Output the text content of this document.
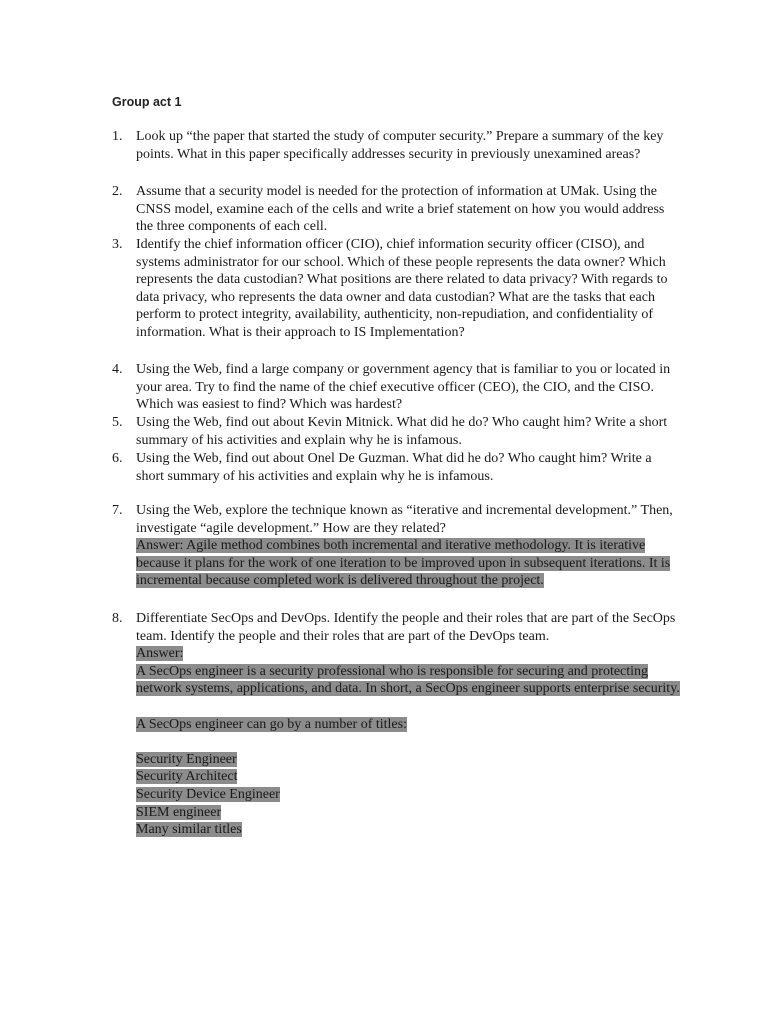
Group act 1
1. Look up “the paper that started the study of computer security.” Prepare a summary of the key points. What in this paper specifically addresses security in previously unexamined areas?
2. Assume that a security model is needed for the protection of information at UMak. Using the CNSS model, examine each of the cells and write a brief statement on how you would address the three components of each cell.
3. Identify the chief information officer (CIO), chief information security officer (CISO), and systems administrator for our school. Which of these people represents the data owner? Which represents the data custodian? What positions are there related to data privacy? With regards to data privacy, who represents the data owner and data custodian? What are the tasks that each perform to protect integrity, availability, authenticity, non-repudiation, and confidentiality of information. What is their approach to IS Implementation?
4. Using the Web, find a large company or government agency that is familiar to you or located in your area. Try to find the name of the chief executive officer (CEO), the CIO, and the CISO. Which was easiest to find? Which was hardest?
5. Using the Web, find out about Kevin Mitnick. What did he do? Who caught him? Write a short summary of his activities and explain why he is infamous.
6. Using the Web, find out about Onel De Guzman. What did he do? Who caught him? Write a short summary of his activities and explain why he is infamous.
7. Using the Web, explore the technique known as “iterative and incremental development.” Then, investigate “agile development.” How are they related?
Answer: Agile method combines both incremental and iterative methodology. It is iterative because it plans for the work of one iteration to be improved upon in subsequent iterations. It is incremental because completed work is delivered throughout the project.
8. Differentiate SecOps and DevOps. Identify the people and their roles that are part of the SecOps team. Identify the people and their roles that are part of the DevOps team.
Answer:
A SecOps engineer is a security professional who is responsible for securing and protecting network systems, applications, and data. In short, a SecOps engineer supports enterprise security.
A SecOps engineer can go by a number of titles:
Security Engineer
Security Architect
Security Device Engineer
SIEM engineer
Many similar titles
